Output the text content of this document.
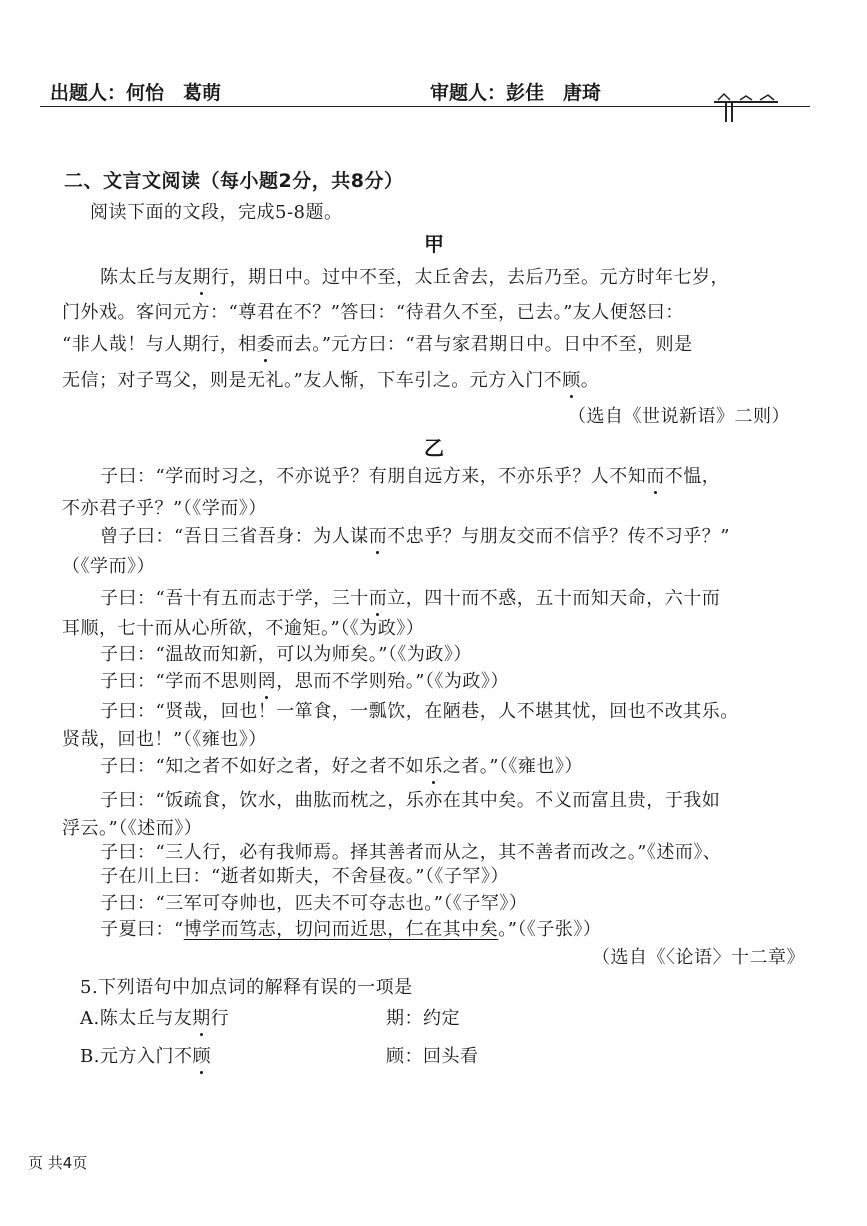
出题人：何怡　葛萌	审题人：彭佳　唐琦
二、文言文阅读（每小题2分，共8分）
阅读下面的文段，完成5-8题。
甲
陈太丘与友期行，期日中。过中不至，太丘舍去，去后乃至。元方时年七岁，
门外戏。客问元方：“尊君在不？”答曰：“待君久不至，已去。”友人便怒曰：
“非人哉！与人期行，相委而去。”元方曰：“君与家君期日中。日中不至，则是
无信；对子骂父，则是无礼。”友人惭，下车引之。元方入门不顾。
（选自《世说新语》二则）
乙
子曰：“学而时习之，不亦说乎？有朋自远方来，不亦乐乎？人不知而不愠，
不亦君子乎？”（《学而》）
曾子曰：“吾日三省吾身：为人谋而不忠乎？与朋友交而不信乎？传不习乎？”
（《学而》）
子曰：“吾十有五而志于学，三十而立，四十而不惑，五十而知天命，六十而
耳顺，七十而从心所欲，不逾矩。”（《为政》）
子曰：“温故而知新，可以为师矣。”（《为政》）
子曰：“学而不思则罔，思而不学则殆。”（《为政》）
子曰：“贤哉，回也！一箪食，一瓢饮，在陋巷，人不堪其忧，回也不改其乐。
贤哉，回也！”（《雍也》）
子曰：“知之者不如好之者，好之者不如乐之者。”（《雍也》）
子曰：“饭疏食，饮水，曲肱而枕之，乐亦在其中矣。不义而富且贵，于我如
浮云。”（《述而》）
子曰：“三人行，必有我师焉。择其善者而从之，其不善者而改之。”《述而》、
子在川上曰：“逝者如斯夫，不舍昼夜。”（《子罕》）
子曰：“三军可夺帅也，匹夫不可夺志也。”（《子罕》）
子夏曰：“博学而笃志，切问而近思，仁在其中矣。”（《子张》）
（选自《〈论语〉十二章》
5.下列语句中加点词的解释有误的一项是
A.陈太丘与友期行	期：约定
B.元方入门不顾	顾：回头看
页 共4页
